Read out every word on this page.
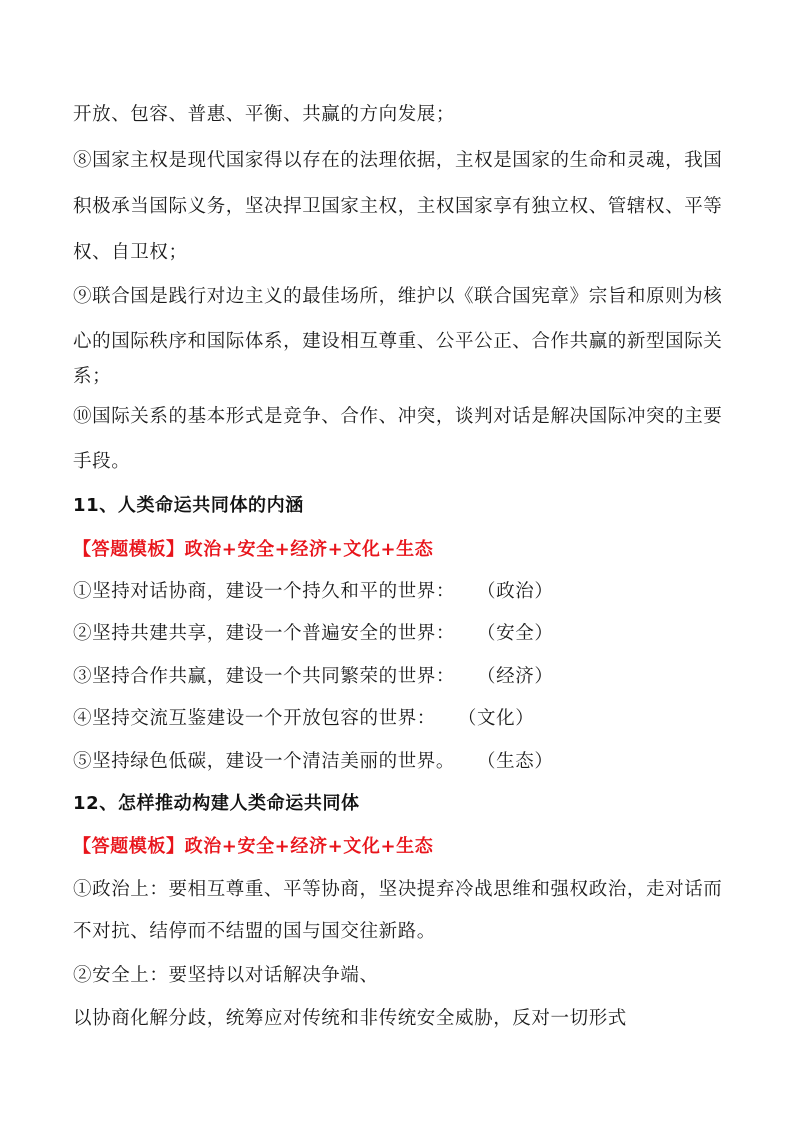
开放、包容、普惠、平衡、共赢的方向发展；
⑧国家主权是现代国家得以存在的法理依据，主权是国家的生命和灵魂，我国
积极承当国际义务，坚决捍卫国家主权，主权国家享有独立权、管辖权、平等
权、自卫权；
⑨联合国是践行对边主义的最佳场所，维护以《联合国宪章》宗旨和原则为核
心的国际秩序和国际体系，建设相互尊重、公平公正、合作共赢的新型国际关
系；
⑩国际关系的基本形式是竞争、合作、冲突，谈判对话是解决国际冲突的主要
手段。
11、人类命运共同体的内涵
【答题模板】政治+安全+经济+文化+生态
①坚持对话协商，建设一个持久和平的世界： （政治）
②坚持共建共享，建设一个普遍安全的世界： （安全）
③坚持合作共赢，建设一个共同繁荣的世界： （经济）
④坚持交流互鉴建设一个开放包容的世界： （文化）
⑤坚持绿色低碳，建设一个清洁美丽的世界。 （生态）
12、怎样推动构建人类命运共同体
【答题模板】政治+安全+经济+文化+生态
①政治上：要相互尊重、平等协商，坚决提弃冷战思维和强权政治，走对话而
不对抗、结停而不结盟的国与国交往新路。
②安全上：要坚持以对话解决争端、
以协商化解分歧，统筹应对传统和非传统安全威胁，反对一切形式
